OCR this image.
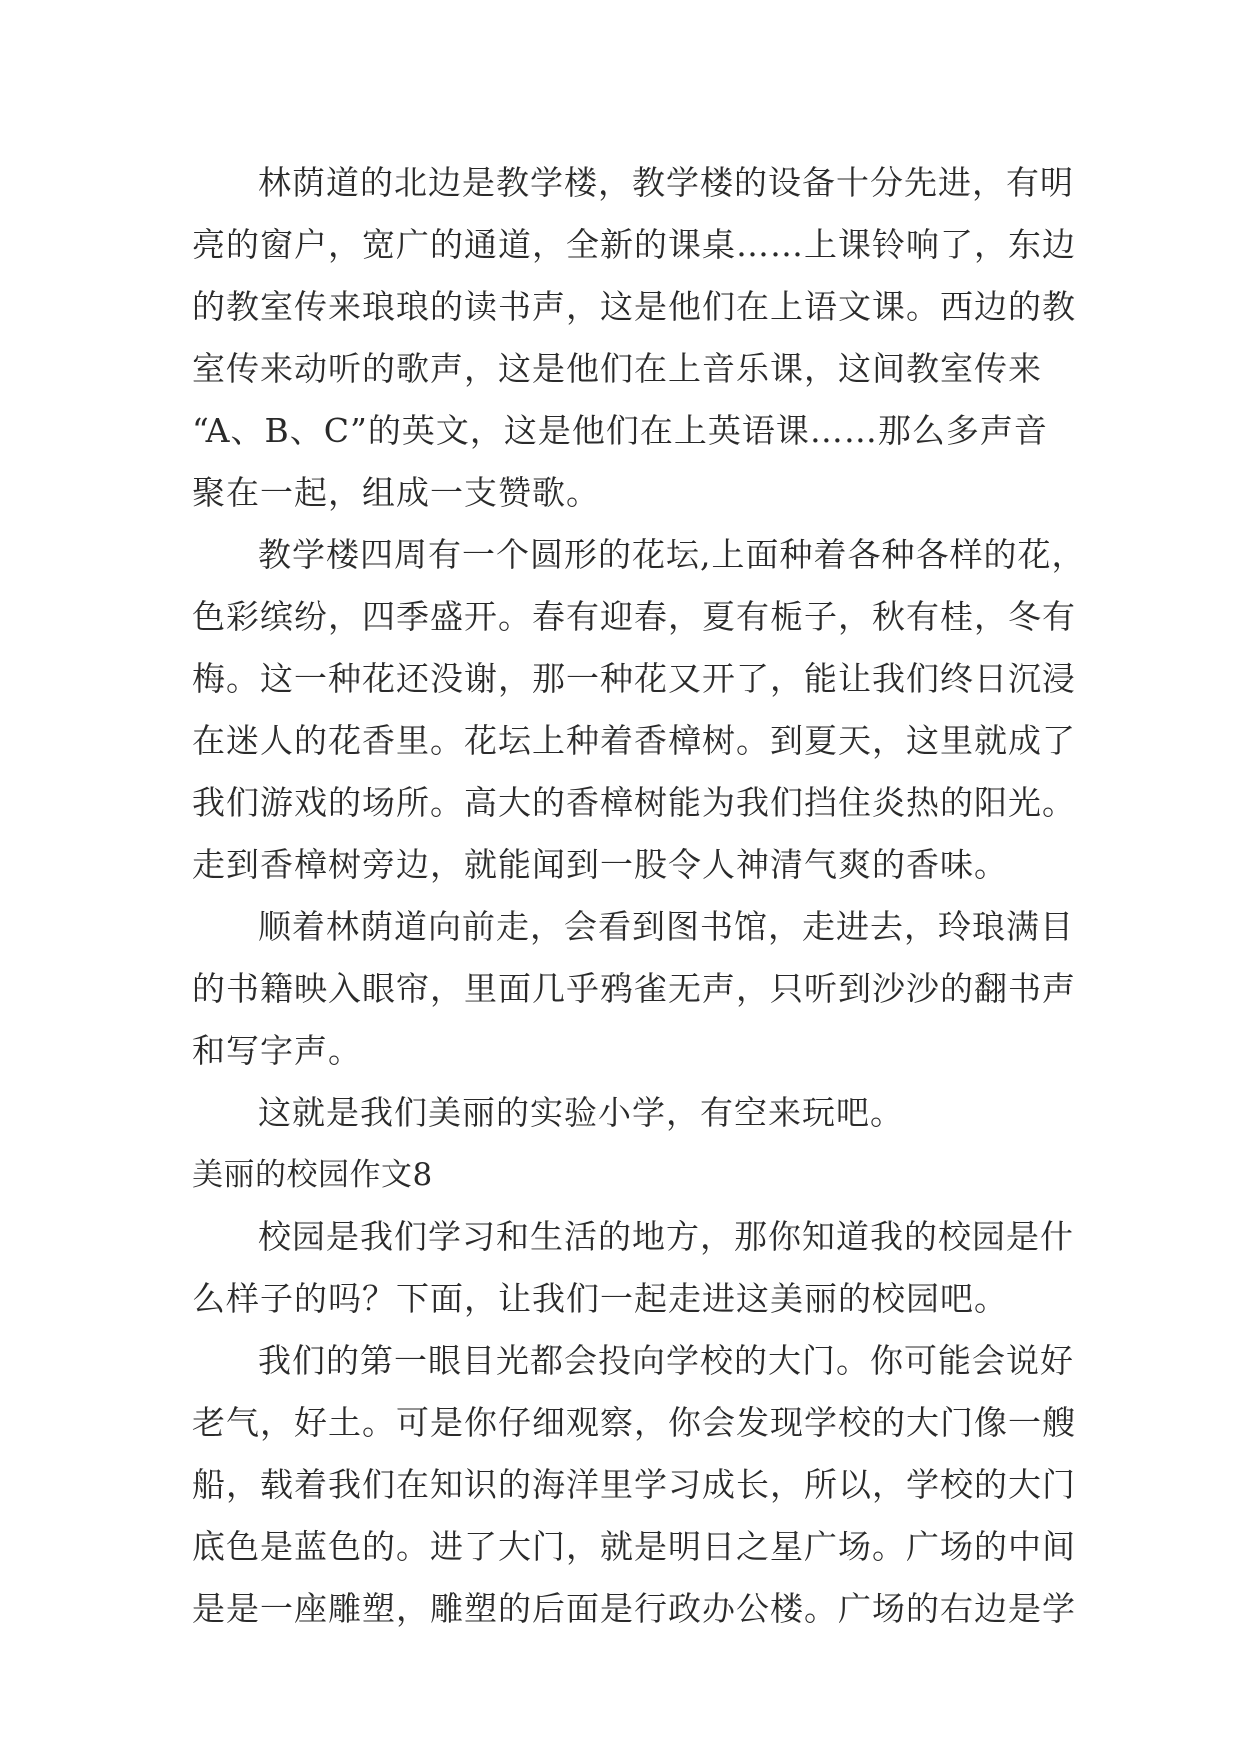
林荫道的北边是教学楼，教学楼的设备十分先进，有明
亮的窗户，宽广的通道，全新的课桌……上课铃响了，东边
的教室传来琅琅的读书声，这是他们在上语文课。西边的教
室传来动听的歌声，这是他们在上音乐课，这间教室传来
“A、B、C”的英文，这是他们在上英语课……那么多声音
聚在一起，组成一支赞歌。
教学楼四周有一个圆形的花坛,上面种着各种各样的花，
色彩缤纷，四季盛开。春有迎春，夏有栀子，秋有桂，冬有
梅。这一种花还没谢，那一种花又开了，能让我们终日沉浸
在迷人的花香里。花坛上种着香樟树。到夏天，这里就成了
我们游戏的场所。高大的香樟树能为我们挡住炎热的阳光。
走到香樟树旁边，就能闻到一股令人神清气爽的香味。
顺着林荫道向前走，会看到图书馆，走进去，玲琅满目
的书籍映入眼帘，里面几乎鸦雀无声，只听到沙沙的翻书声
和写字声。
这就是我们美丽的实验小学，有空来玩吧。
美丽的校园作文8
校园是我们学习和生活的地方，那你知道我的校园是什
么样子的吗？下面，让我们一起走进这美丽的校园吧。
我们的第一眼目光都会投向学校的大门。你可能会说好
老气，好土。可是你仔细观察，你会发现学校的大门像一艘
船，载着我们在知识的海洋里学习成长，所以，学校的大门
底色是蓝色的。进了大门，就是明日之星广场。广场的中间
是是一座雕塑，雕塑的后面是行政办公楼。广场的右边是学
